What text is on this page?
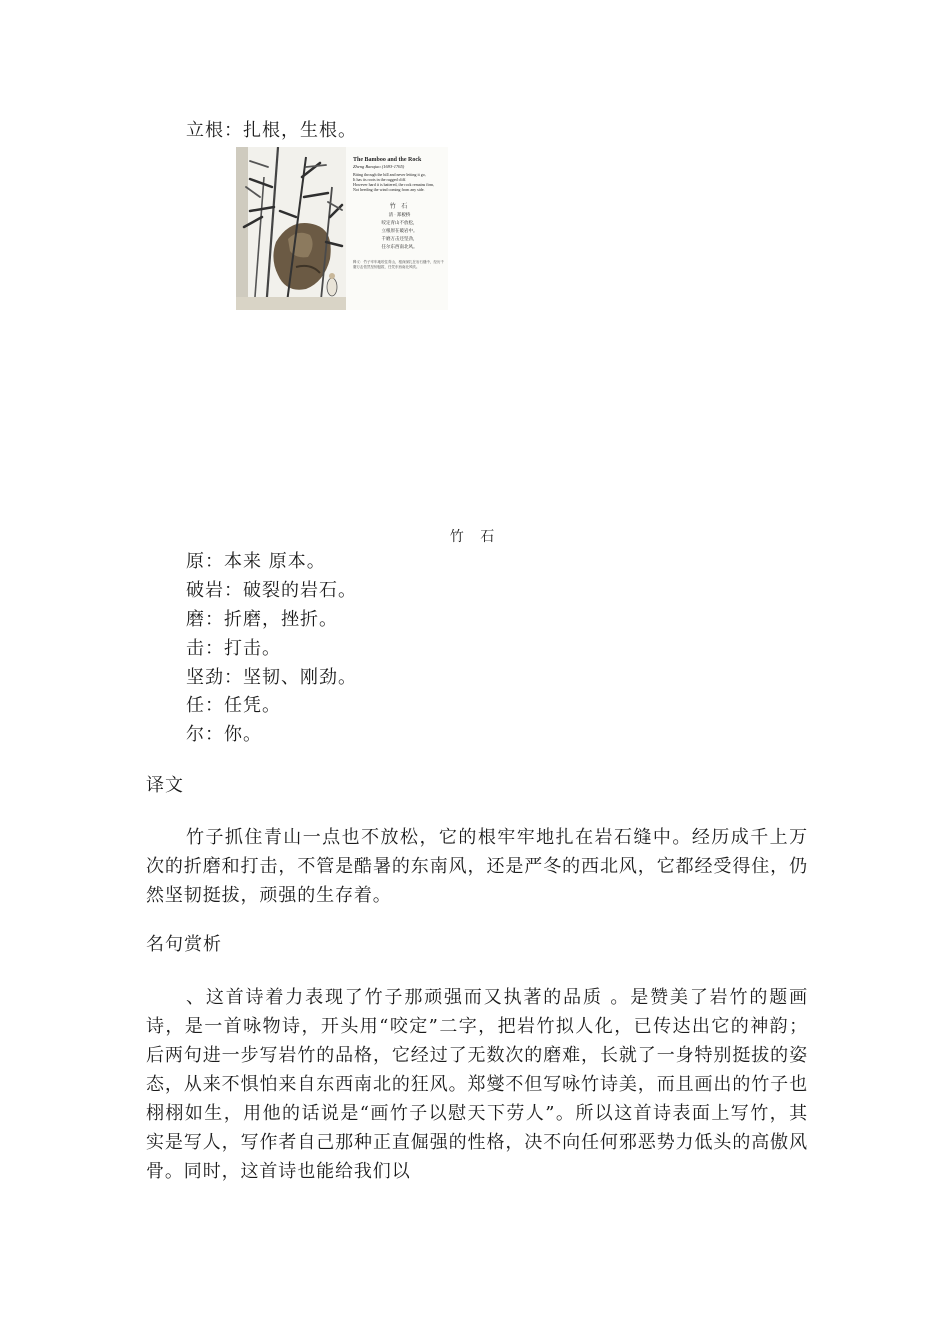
立根：扎根，生根。
The Bamboo and the Rock
Zheng Banqiao (1693-1765)
Biting through the hill and never letting it go,
It has its roots in the rugged cliff.
However hard it is battered, the rock remains firm,
Not heeding the wind coming from any side.
竹 石
清 · 郑板桥
咬定青山不放松，
立根原在破岩中。
千磨万击还坚劲，
任尔东西南北风。
释义：竹子牢牢地咬住青山，根深深扎在岩石缝中，经历千磨万击依然坚韧挺拔，任凭东西南北风吹。
竹 石
原：本来 原本。
破岩：破裂的岩石。
磨：折磨，挫折。
击：打击。
坚劲：坚韧、刚劲。
任：任凭。
尔：你。
译文
竹子抓住青山一点也不放松，它的根牢牢地扎在岩石缝中。经历成千上万次的折磨和打击，不管是酷暑的东南风，还是严冬的西北风，它都经受得住，仍然坚韧挺拔，顽强的生存着。
名句赏析
、这首诗着力表现了竹子那顽强而又执著的品质 。是赞美了岩竹的题画诗，是一首咏物诗，开头用“咬定”二字，把岩竹拟人化，已传达出它的神韵；后两句进一步写岩竹的品格，它经过了无数次的磨难，长就了一身特别挺拔的姿态，从来不惧怕来自东西南北的狂风。郑燮不但写咏竹诗美，而且画出的竹子也栩栩如生，用他的话说是“画竹子以慰天下劳人”。所以这首诗表面上写竹，其实是写人，写作者自己那种正直倔强的性格，决不向任何邪恶势力低头的高傲风骨。同时，这首诗也能给我们以
